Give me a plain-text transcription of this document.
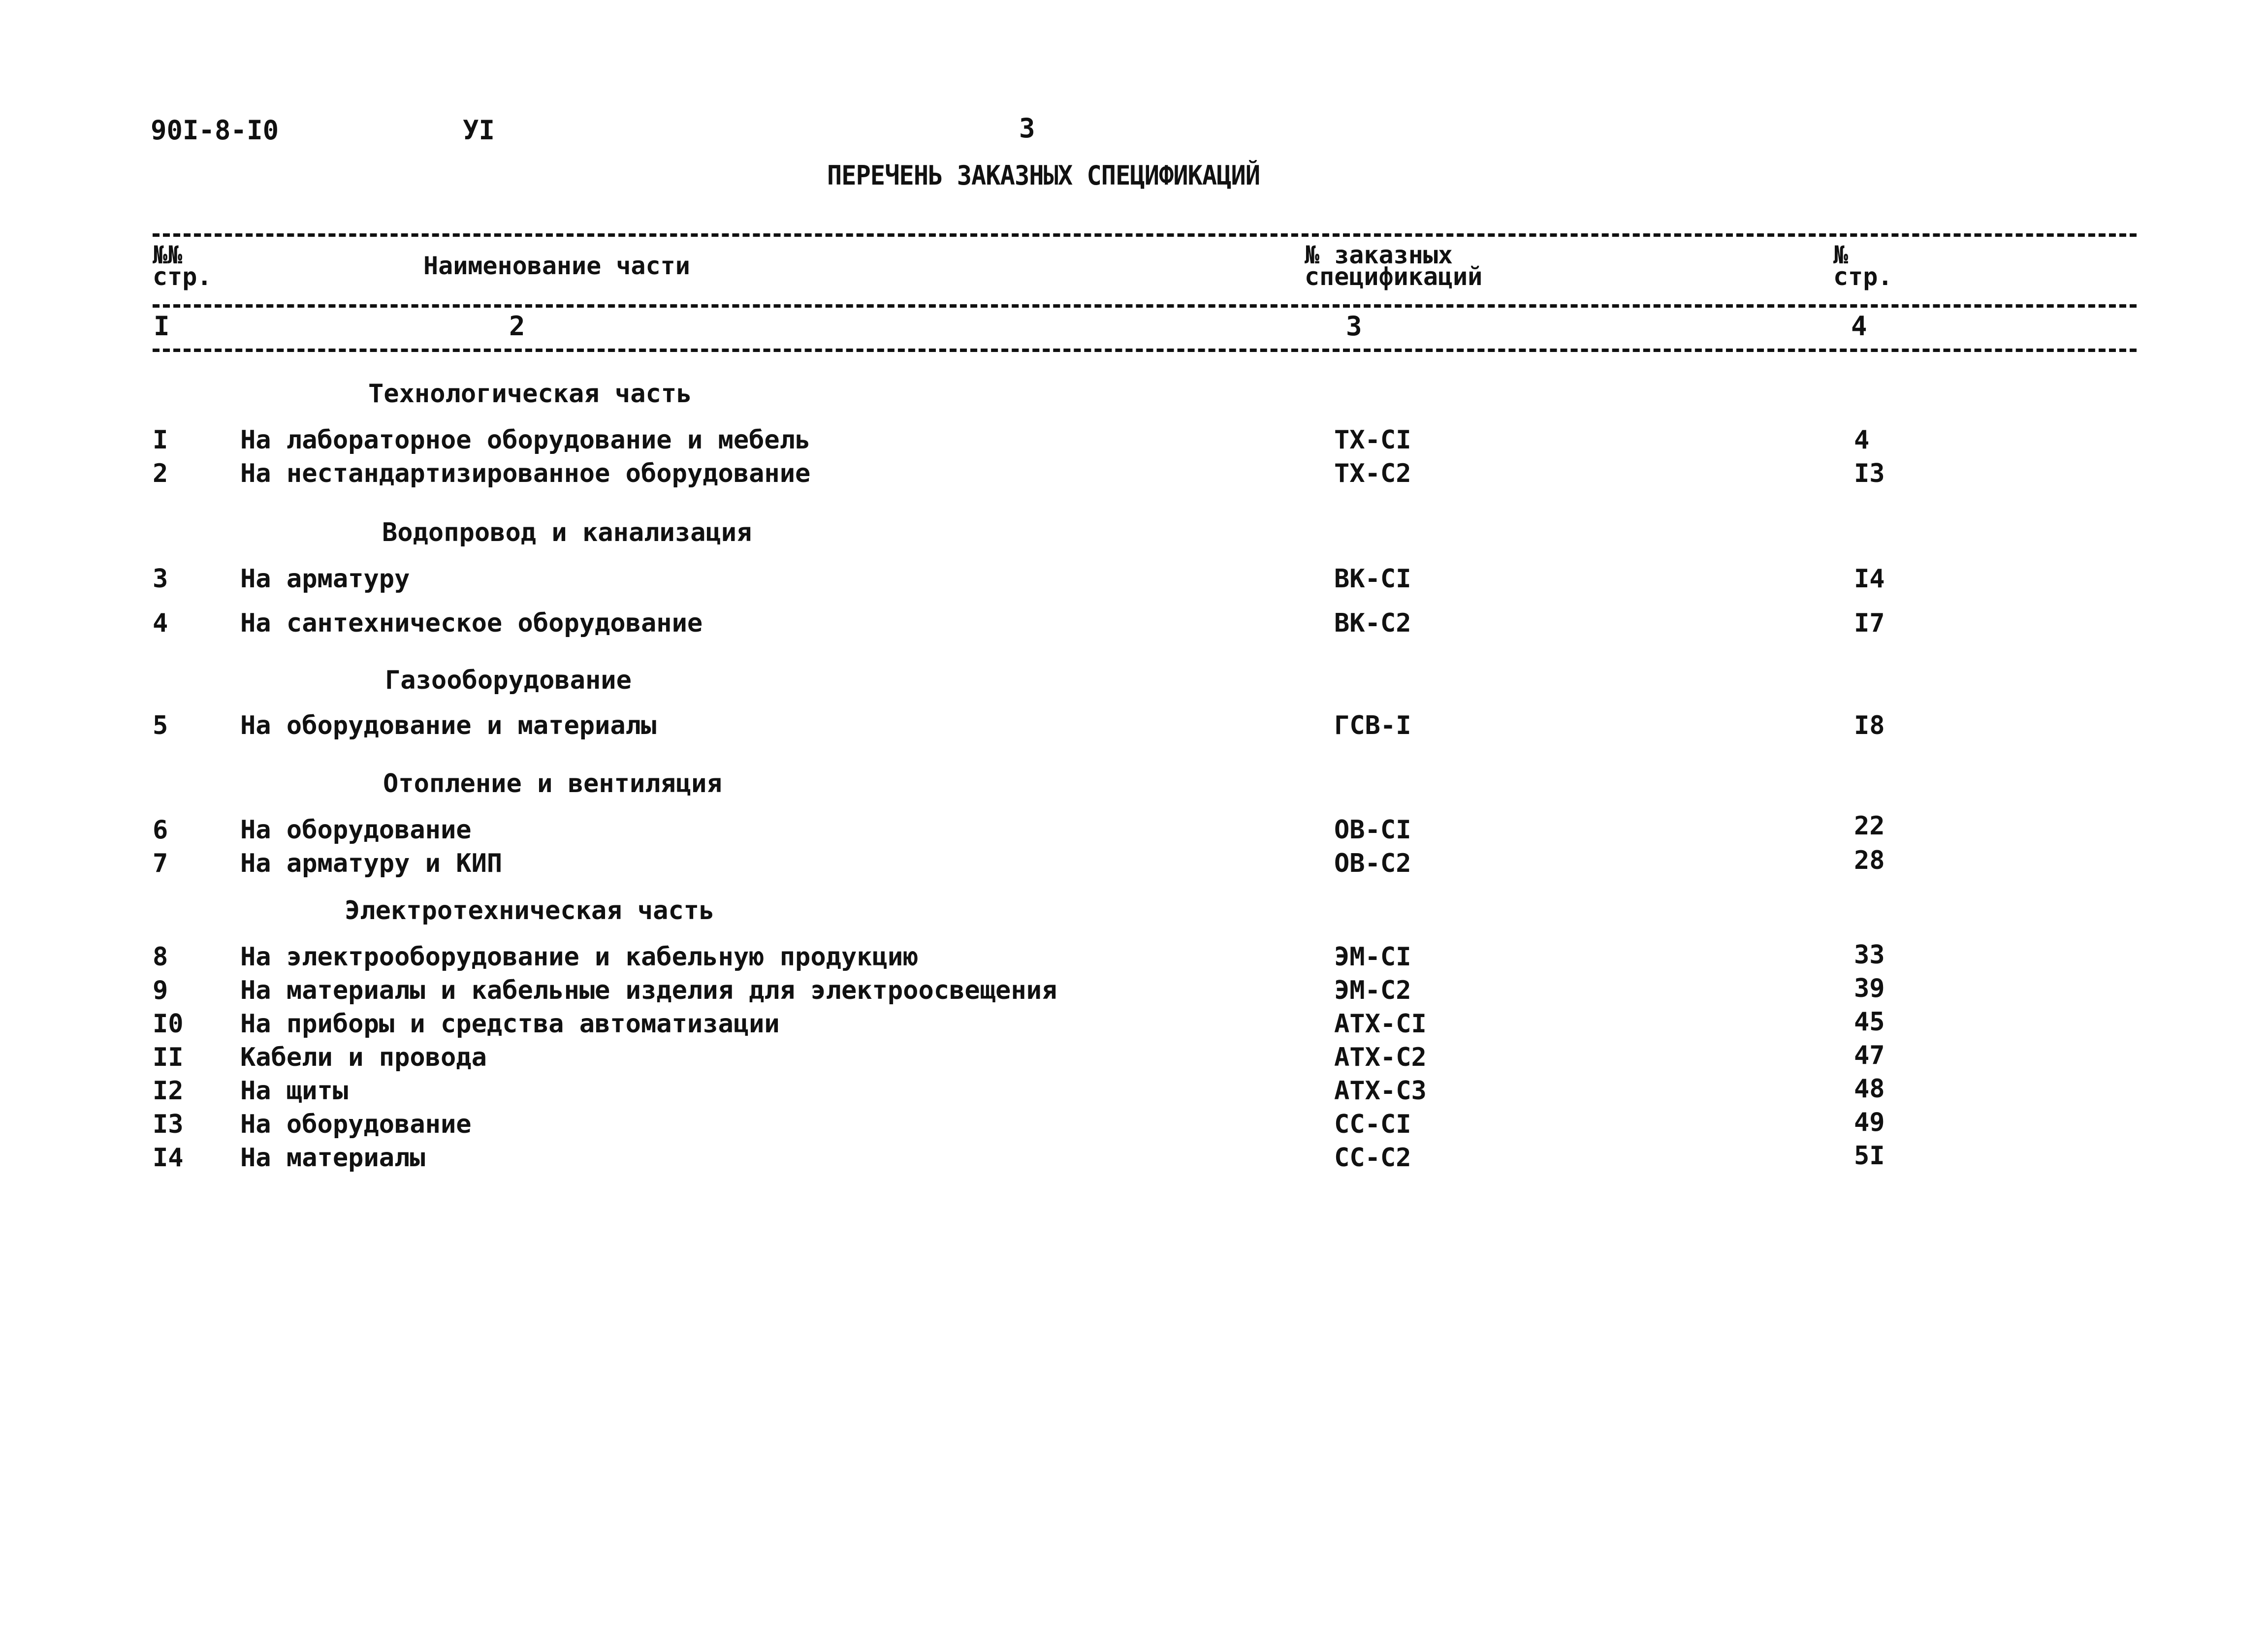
90I-8-I0	УI	3
ПЕРЕЧЕНЬ ЗАКАЗНЫХ СПЕЦИФИКАЦИЙ
№№
стр.	Наименование части	№ заказных
спецификаций
№
стр.
I	2	3	4
Технологическая часть
I	На лабораторное оборудование и мебель	ТХ-СI	4
2	На нестандартизированное оборудование	ТХ-С2	I3
Водопровод и канализация
3	На арматуру	ВК-СI	I4
4	На сантехническое оборудование	ВК-С2	I7
Газооборудование
5	На оборудование и материалы	ГСВ-I	I8
Отопление и вентиляция
6	На оборудование	ОВ-СI	22
7	На арматуру и КИП	ОВ-С2	28
Электротехническая часть
8	На электрооборудование и кабельную продукцию	ЭМ-СI	33
9	На материалы и кабельные изделия для электроосвещения	ЭМ-С2	39
I0 На приборы и средства автоматизации	АТХ-СI	45
II Кабели и провода	АТХ-С2	47
I2 На щиты	АТХ-С3	48
I3 На оборудование	СС-СI	49
I4 На материалы	СС-С2	5I
